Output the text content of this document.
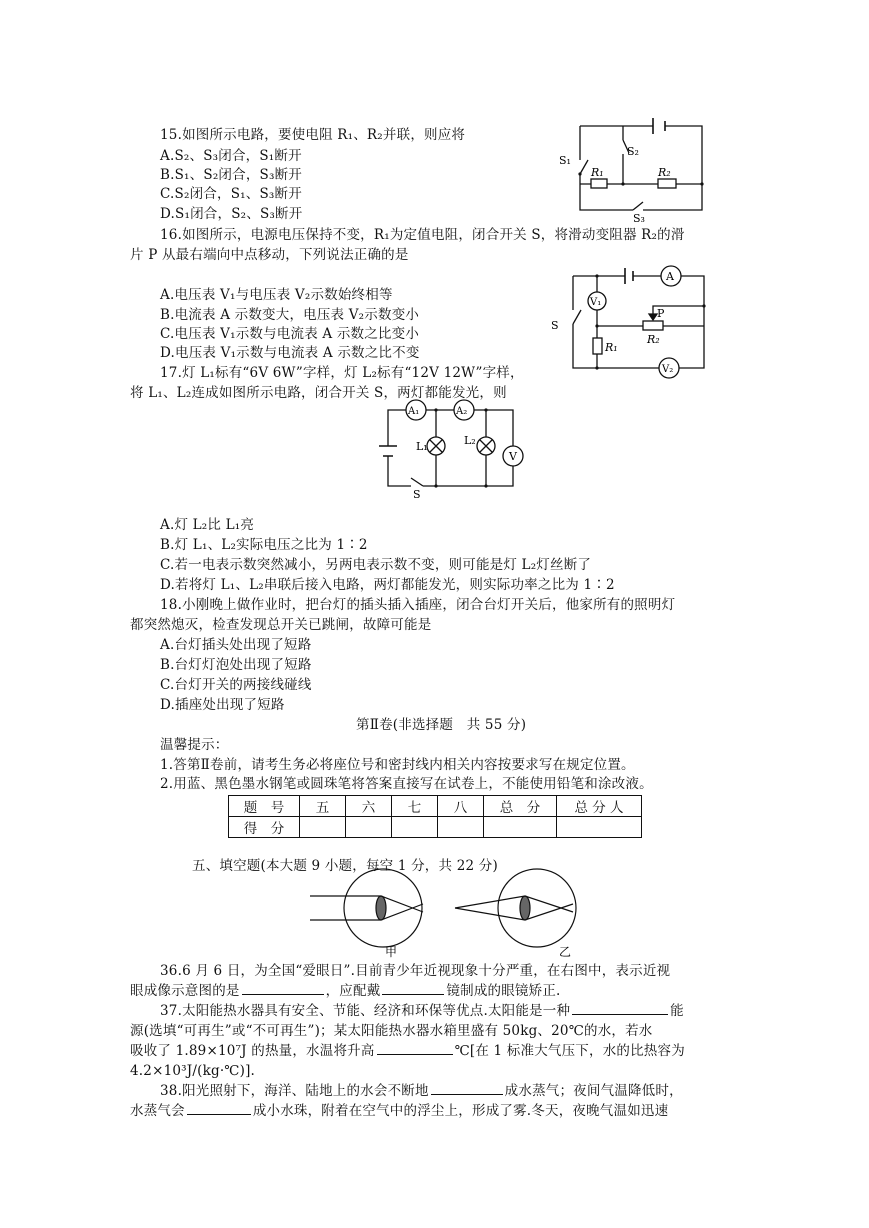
15.如图所示电路，要使电阻 R₁、R₂并联，则应将
A.S₂、S₃闭合，S₁断开
B.S₁、S₂闭合，S₃断开
C.S₂闭合，S₁、S₃断开
D.S₁闭合，S₂、S₃断开
S₁
S₂
S₃
R₁	R₂
16.如图所示，电源电压保持不变，R₁为定值电阻，闭合开关 S，将滑动变阻器 R₂的滑
片 P 从最右端向中点移动，下列说法正确的是
A.电压表 V₁与电压表 V₂示数始终相等
B.电流表 A 示数变大，电压表 V₂示数变小
C.电压表 V₁示数与电流表 A 示数之比变小
D.电压表 V₁示数与电流表 A 示数之比不变
A
V₁
V₂
P
S
R₁
R₂
17.灯 L₁标有“6V 6W”字样，灯 L₂标有“12V 12W”字样，
将 L₁、L₂连成如图所示电路，闭合开关 S，两灯都能发光，则
A₁	A₂
V
L₁	L₂
S
A.灯 L₂比 L₁亮
B.灯 L₁、L₂实际电压之比为 1∶2
C.若一电表示数突然减小，另两电表示数不变，则可能是灯 L₂灯丝断了
D.若将灯 L₁、L₂串联后接入电路，两灯都能发光，则实际功率之比为 1∶2
18.小刚晚上做作业时，把台灯的插头插入插座，闭合台灯开关后，他家所有的照明灯
都突然熄灭，检查发现总开关已跳闸，故障可能是
A.台灯插头处出现了短路
B.台灯灯泡处出现了短路
C.台灯开关的两接线碰线
D.插座处出现了短路
第Ⅱ卷(非选择题　共 55 分)
温馨提示：
1.答第Ⅱ卷前，请考生务必将座位号和密封线内相关内容按要求写在规定位置。
2.用蓝、黑色墨水钢笔或圆珠笔将答案直接写在试卷上，不能使用铅笔和涂改液。
题　号	五	六	七	八	总　分	总 分 人
得　分						
五、填空题(本大题 9 小题，每空 1 分，共 22 分)
甲	乙
36.6 月 6 日，为全国“爱眼日”.目前青少年近视现象十分严重，在右图中，表示近视
眼成像示意图的是	，应配戴	镜制成的眼镜矫正.
37.太阳能热水器具有安全、节能、经济和环保等优点.太阳能是一种	能
源(选填“可再生”或“不可再生”)；某太阳能热水器水箱里盛有 50kg、20℃的水，若水
吸收了 1.89×10⁷J 的热量，水温将升高	℃[在 1 标准大气压下，水的比热容为
4.2×10³J/(kg·℃)].
38.阳光照射下，海洋、陆地上的水会不断地	成水蒸气；夜间气温降低时，
水蒸气会	成小水珠，附着在空气中的浮尘上，形成了雾.冬天，夜晚气温如迅速
